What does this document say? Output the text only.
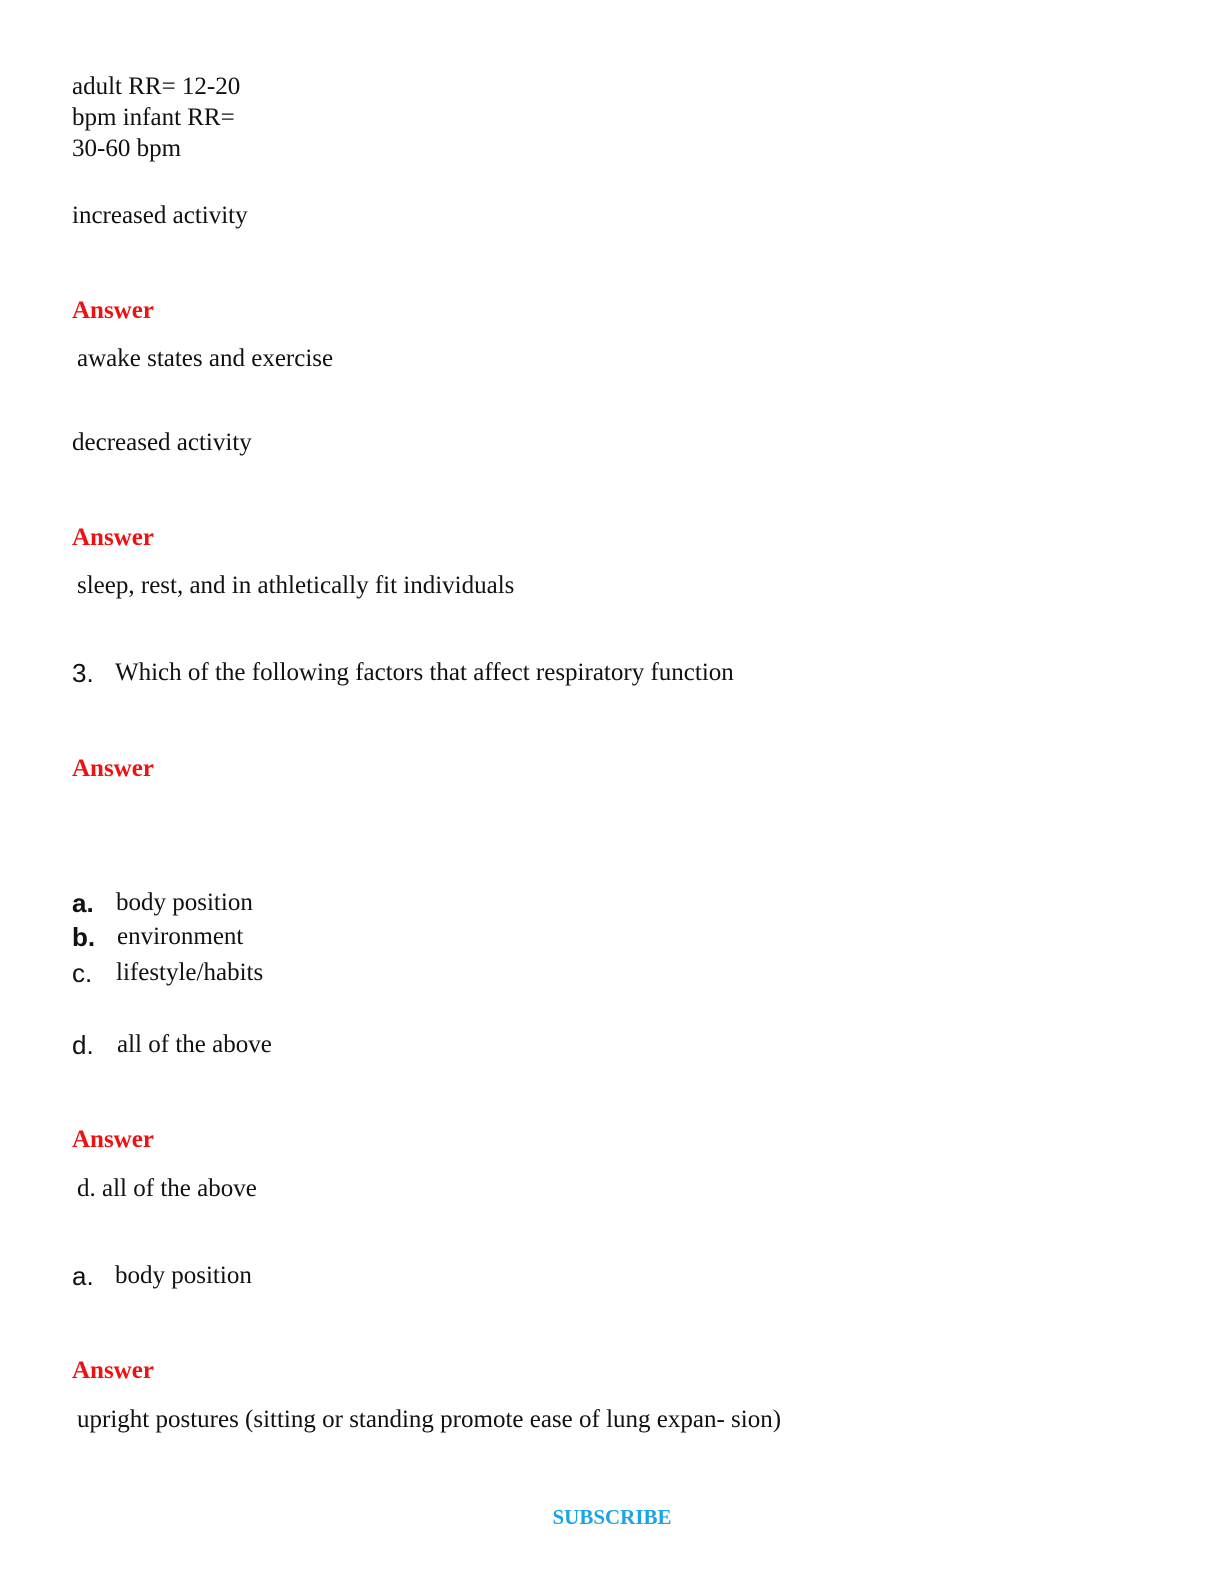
adult RR= 12-20
bpm infant RR=
30-60 bpm
increased activity
Answer
awake states and exercise
decreased activity
Answer
sleep, rest, and in athletically fit individuals
3. Which of the following factors that affect respiratory function
Answer
a. body position
b. environment
c. lifestyle/habits
d. all of the above
Answer
d. all of the above
a. body position
Answer
upright postures (sitting or standing promote ease of lung expan- sion)
SUBSCRIBE
